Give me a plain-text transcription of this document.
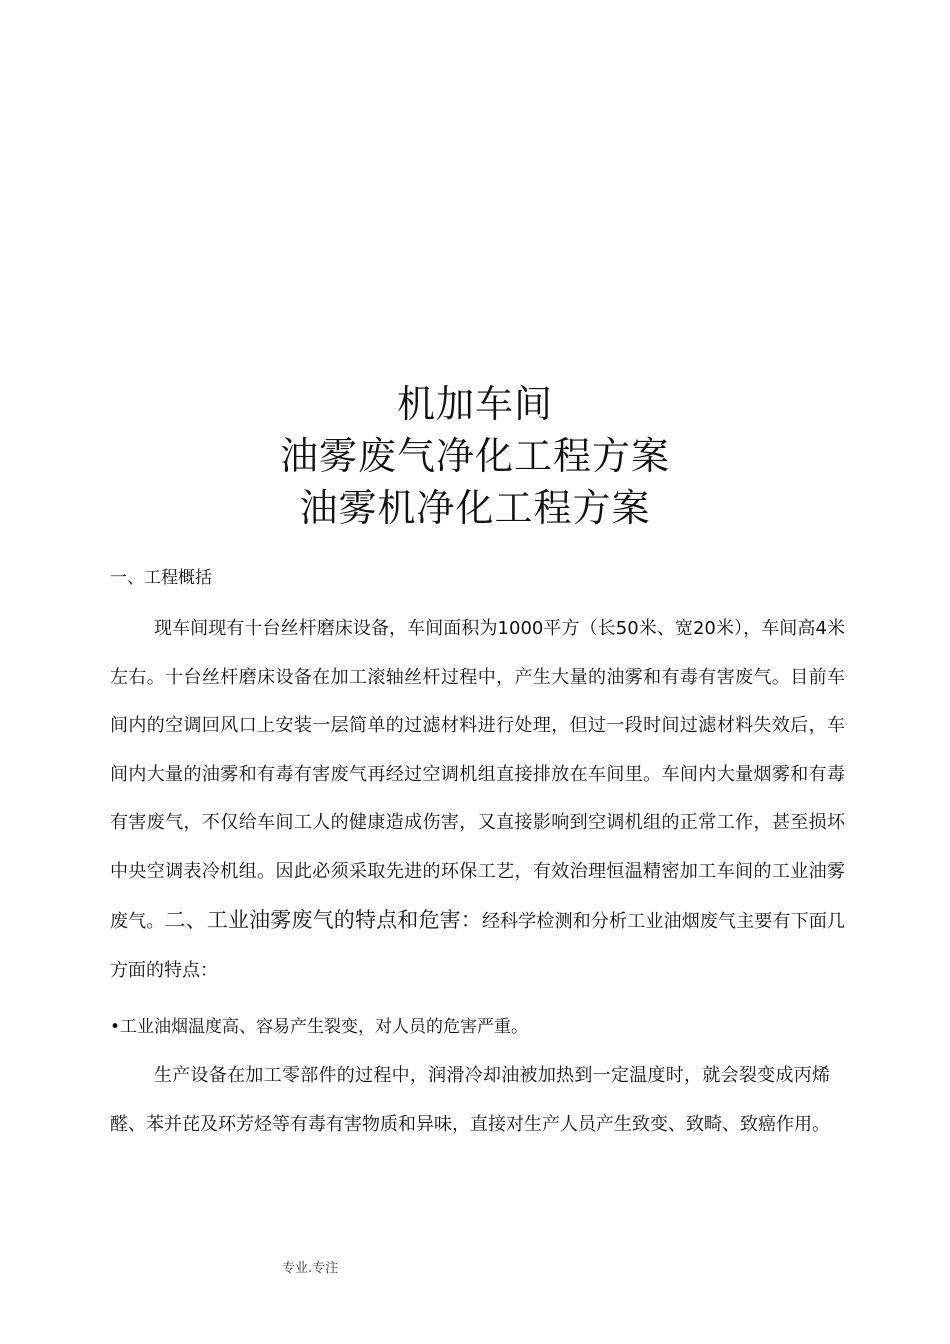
机加车间
油雾废气净化工程方案
油雾机净化工程方案
一、工程概括
现车间现有十台丝杆磨床设备，车间面积为1000平方（长50米、宽20米），车间高4米左右。十台丝杆磨床设备在加工滚轴丝杆过程中，产生大量的油雾和有毒有害废气。目前车间内的空调回风口上安装一层简单的过滤材料进行处理，但过一段时间过滤材料失效后，车间内大量的油雾和有毒有害废气再经过空调机组直接排放在车间里。车间内大量烟雾和有毒有害废气，不仅给车间工人的健康造成伤害，又直接影响到空调机组的正常工作，甚至损坏中央空调表冷机组。因此必须采取先进的环保工艺，有效治理恒温精密加工车间的工业油雾废气。二、工业油雾废气的特点和危害：经科学检测和分析工业油烟废气主要有下面几方面的特点：
•工业油烟温度高、容易产生裂变，对人员的危害严重。
生产设备在加工零部件的过程中，润滑冷却油被加热到一定温度时，就会裂变成丙烯醛、苯并芘及环芳烃等有毒有害物质和异味，直接对生产人员产生致变、致畸、致癌作用。
专业.专注
